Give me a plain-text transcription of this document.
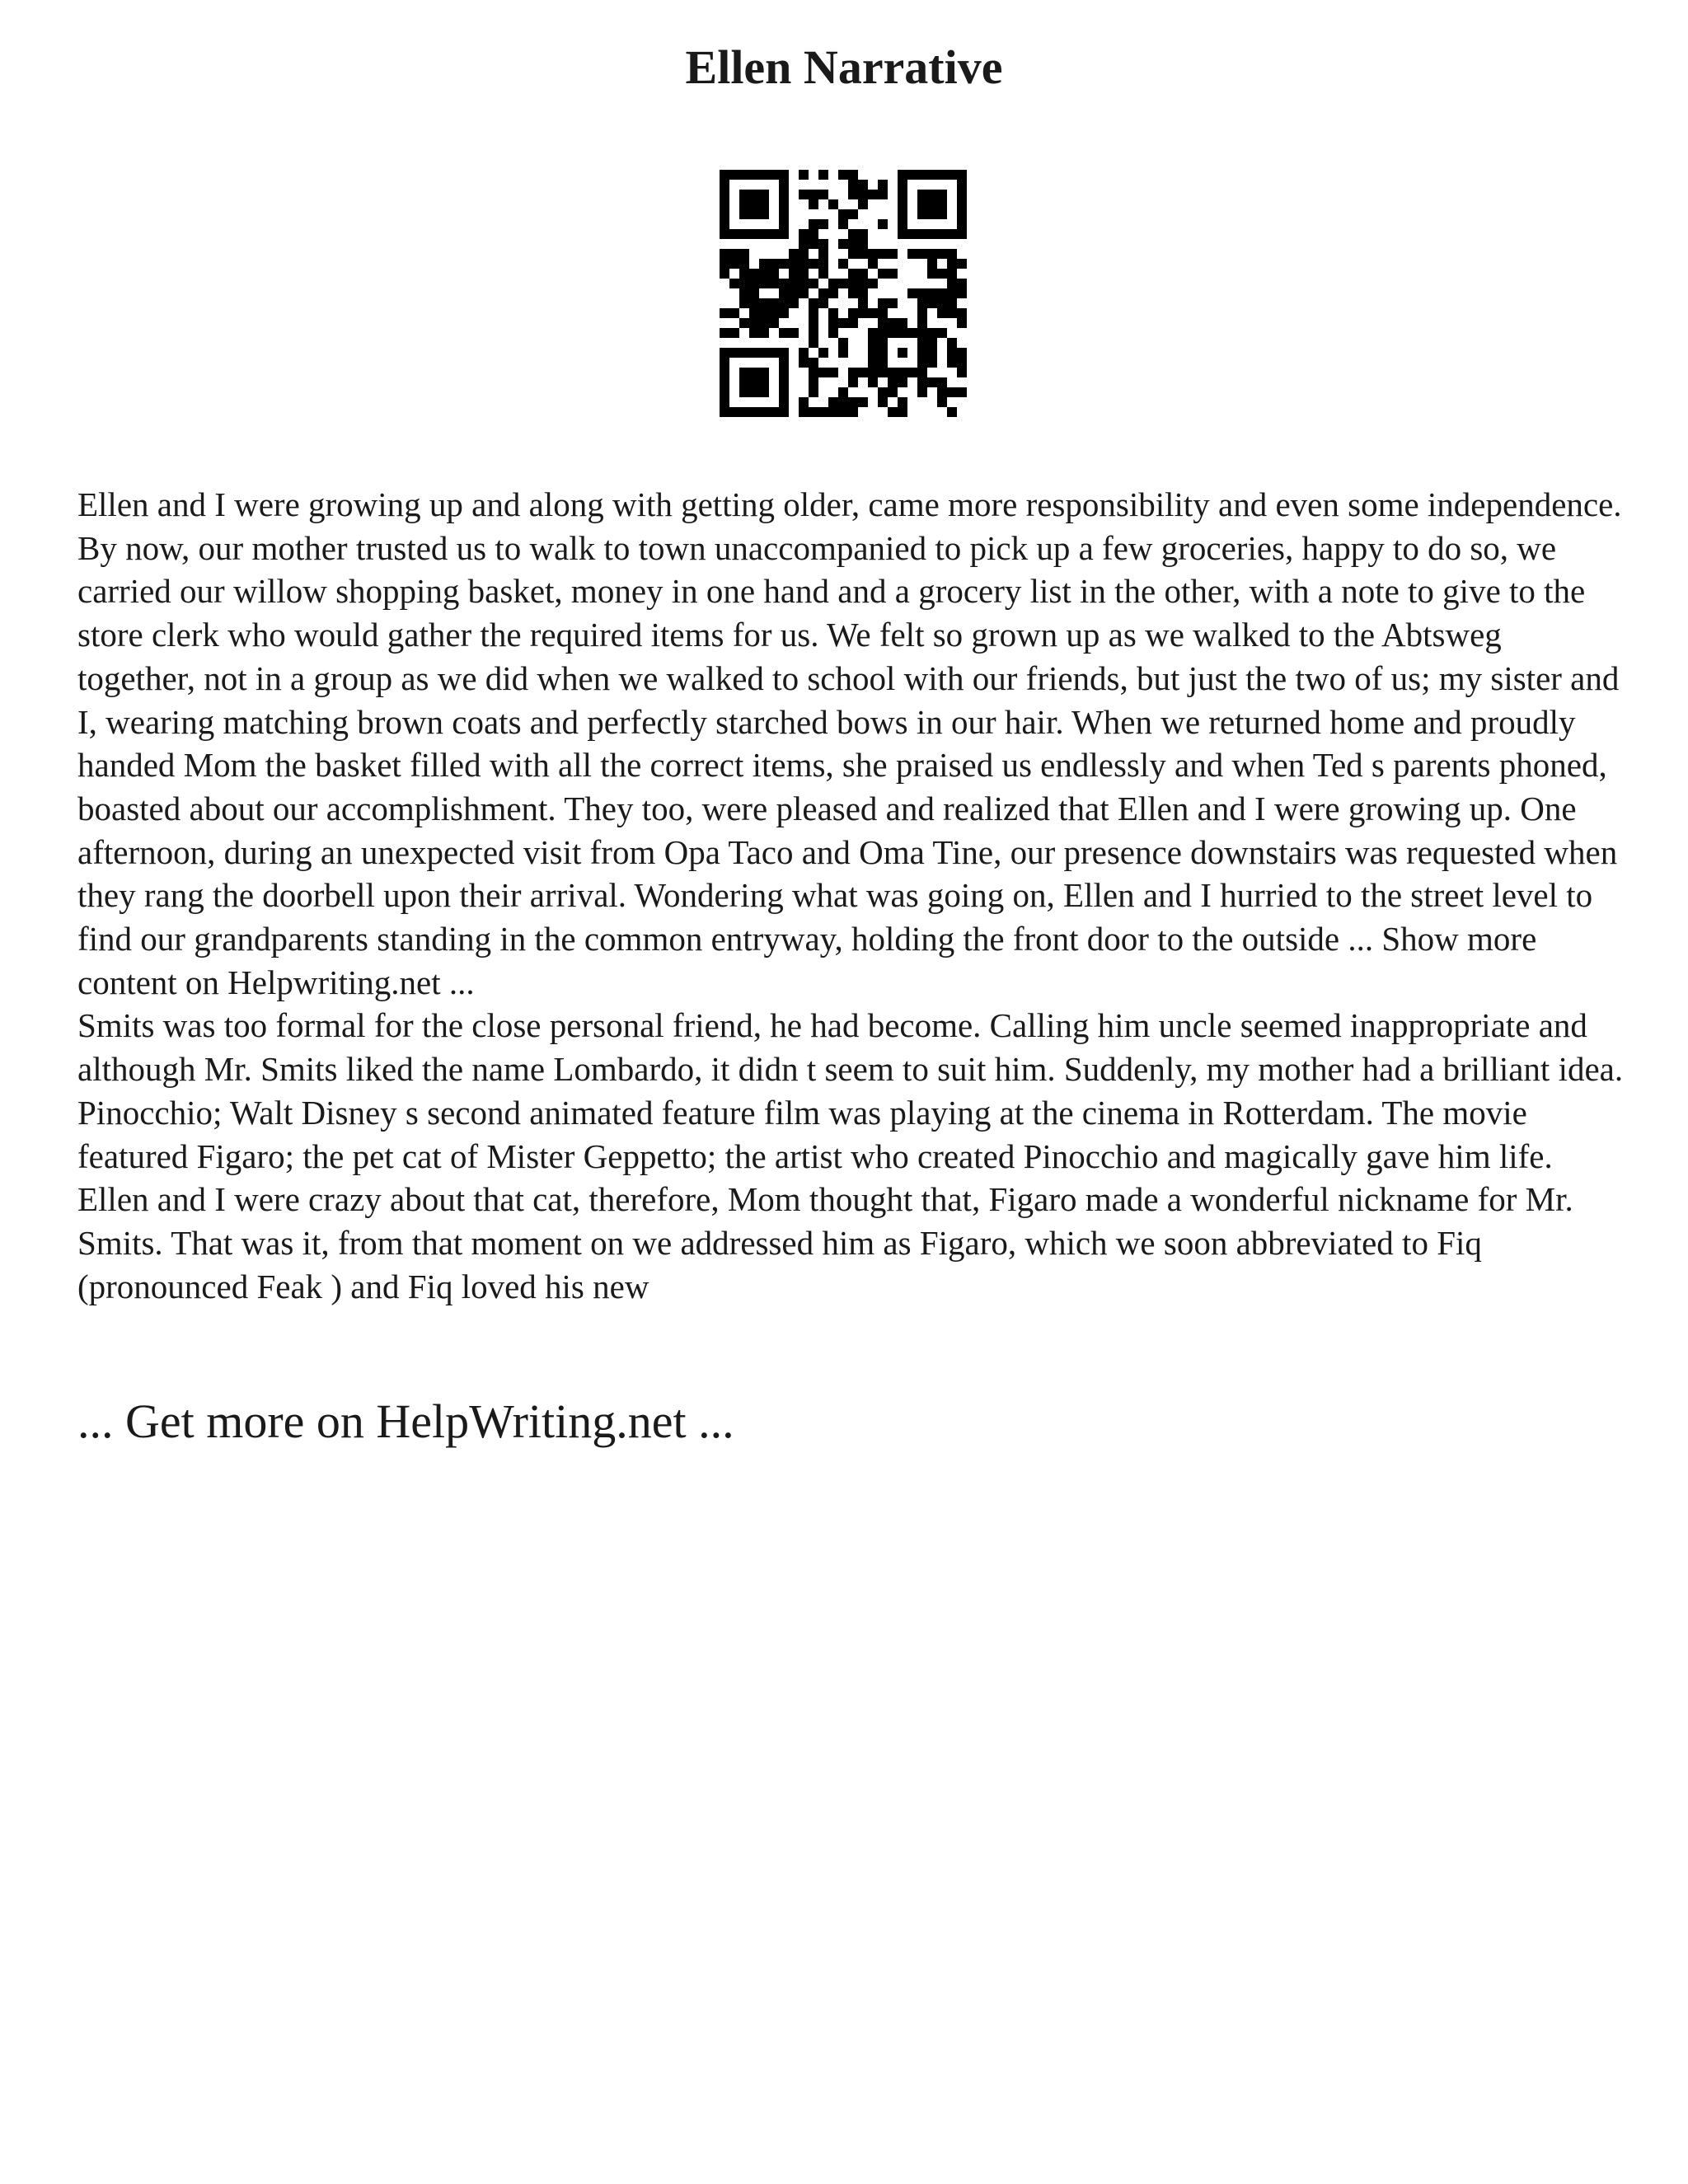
Ellen Narrative

Ellen and I were growing up and along with getting older, came more responsibility and even some independence. By now, our mother trusted us to walk to town unaccompanied to pick up a few groceries, happy to do so, we carried our willow shopping basket, money in one hand and a grocery list in the other, with a note to give to the store clerk who would gather the required items for us. We felt so grown up as we walked to the Abtsweg together, not in a group as we did when we walked to school with our friends, but just the two of us; my sister and I, wearing matching brown coats and perfectly starched bows in our hair. When we returned home and proudly handed Mom the basket filled with all the correct items, she praised us endlessly and when Ted s parents phoned, boasted about our accomplishment. They too, were pleased and realized that Ellen and I were growing up. One afternoon, during an unexpected visit from Opa Taco and Oma Tine, our presence downstairs was requested when they rang the doorbell upon their arrival. Wondering what was going on, Ellen and I hurried to the street level to find our grandparents standing in the common entryway, holding the front door to the outside ... Show more content on Helpwriting.net ...

Smits was too formal for the close personal friend, he had become. Calling him uncle seemed inappropriate and although Mr. Smits liked the name Lombardo, it didn t seem to suit him. Suddenly, my mother had a brilliant idea. Pinocchio; Walt Disney s second animated feature film was playing at the cinema in Rotterdam. The movie featured Figaro; the pet cat of Mister Geppetto; the artist who created Pinocchio and magically gave him life. Ellen and I were crazy about that cat, therefore, Mom thought that, Figaro made a wonderful nickname for Mr. Smits. That was it, from that moment on we addressed him as Figaro, which we soon abbreviated to Fiq (pronounced Feak ) and Fiq loved his new

... Get more on HelpWriting.net ...
